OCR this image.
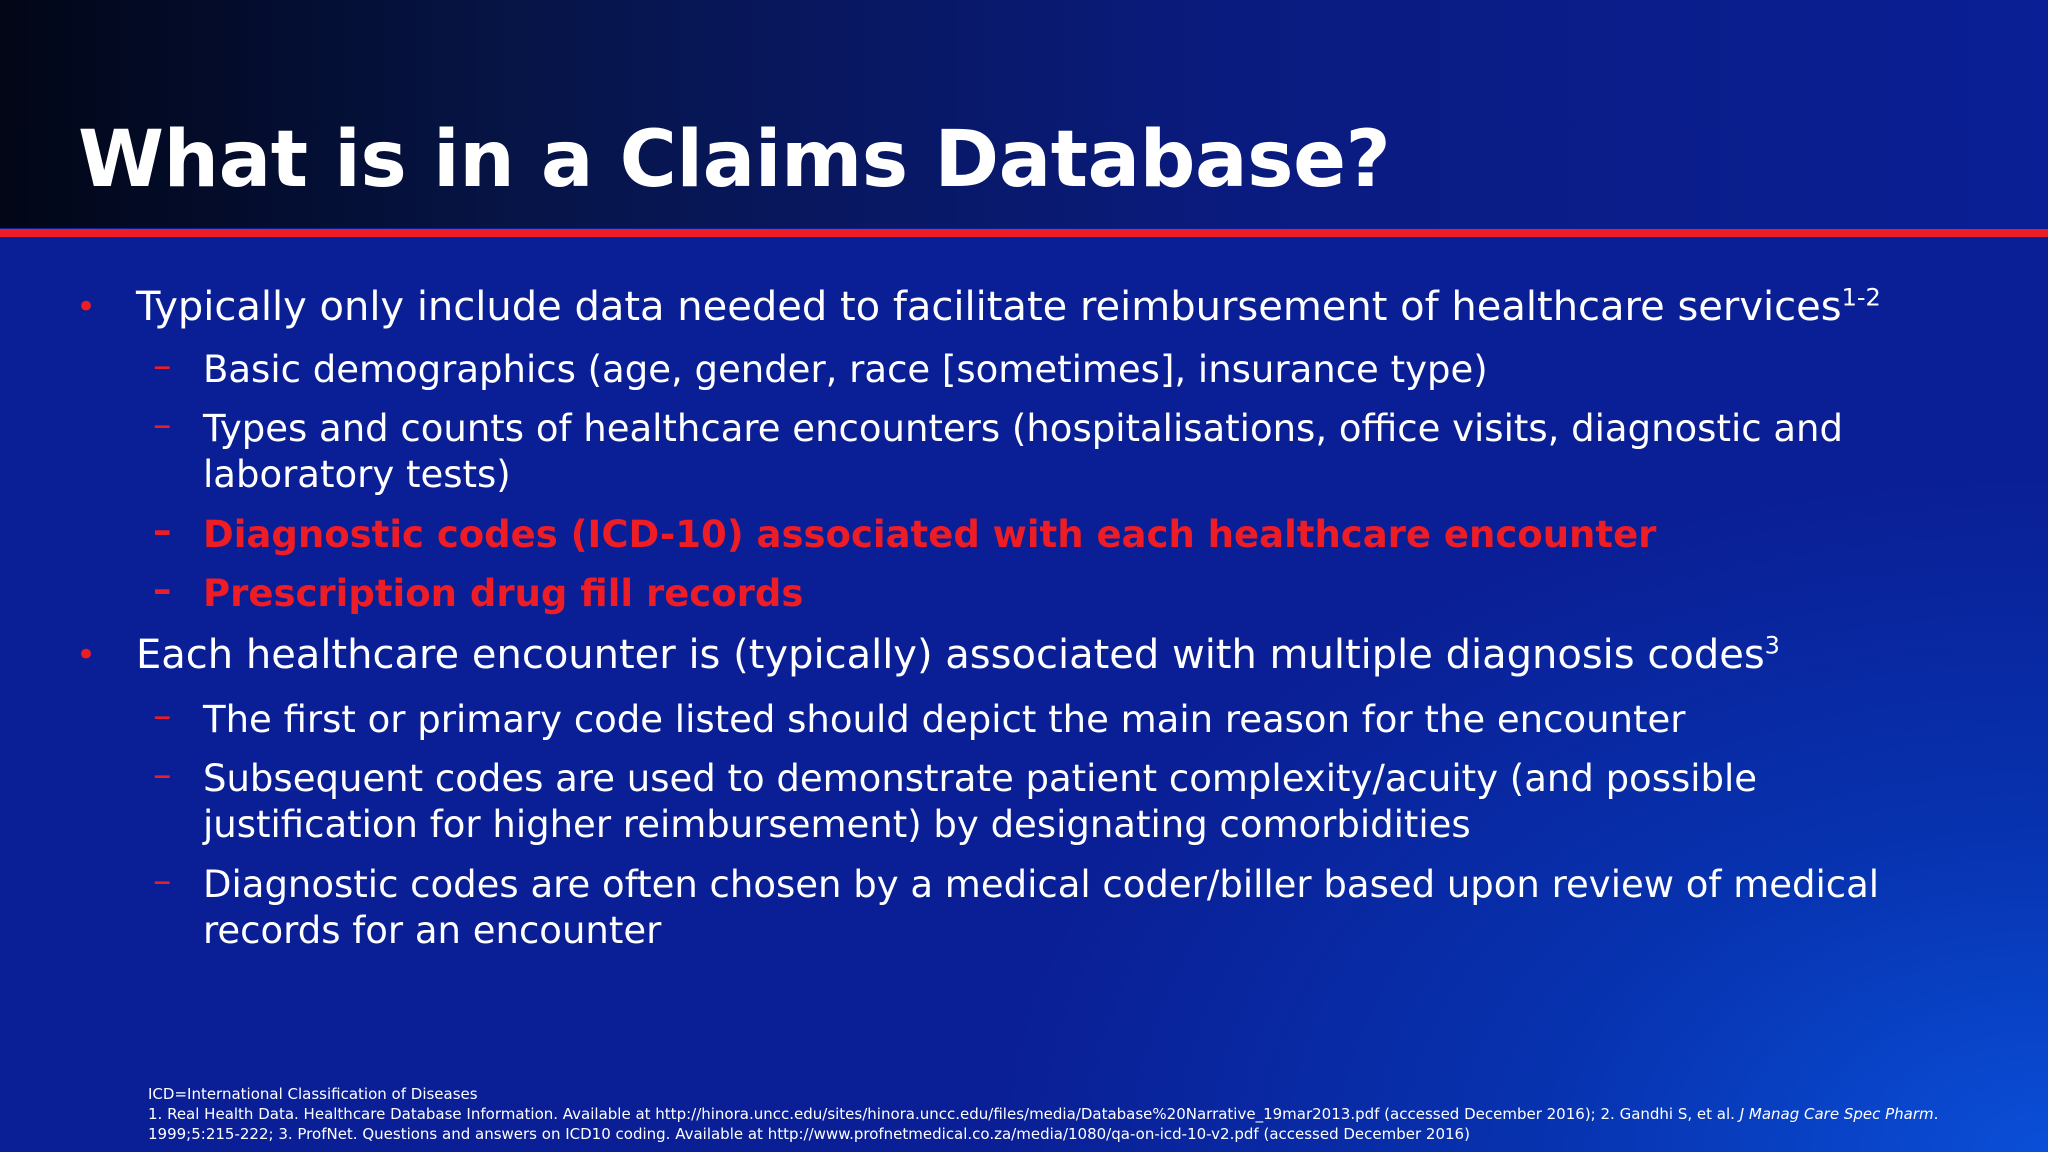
What is in a Claims Database?
• Typically only include data needed to facilitate reimbursement of healthcare services$^{1-2}$
– Basic demographics (age, gender, race [sometimes], insurance type)
– Types and counts of healthcare encounters (hospitalisations, office visits, diagnostic and laboratory tests)
– Diagnostic codes (ICD-10) associated with each healthcare encounter
– Prescription drug fill records
• Each healthcare encounter is (typically) associated with multiple diagnosis codes$^3$
– The first or primary code listed should depict the main reason for the encounter
– Subsequent codes are used to demonstrate patient complexity/acuity (and possible justification for higher reimbursement) by designating comorbidities
– Diagnostic codes are often chosen by a medical coder/biller based upon review of medical records for an encounter
ICD=International Classification of Diseases
1. Real Health Data. Healthcare Database Information. Available at http://hinora.uncc.edu/sites/hinora.uncc.edu/files/media/Database%20Narrative_19mar2013.pdf (accessed December 2016); 2. Gandhi S, et al. J Manag Care Spec Pharm.
1999;5:215-222; 3. ProfNet. Questions and answers on ICD10 coding. Available at http://www.profnetmedical.co.za/media/1080/qa-on-icd-10-v2.pdf (accessed December 2016)
